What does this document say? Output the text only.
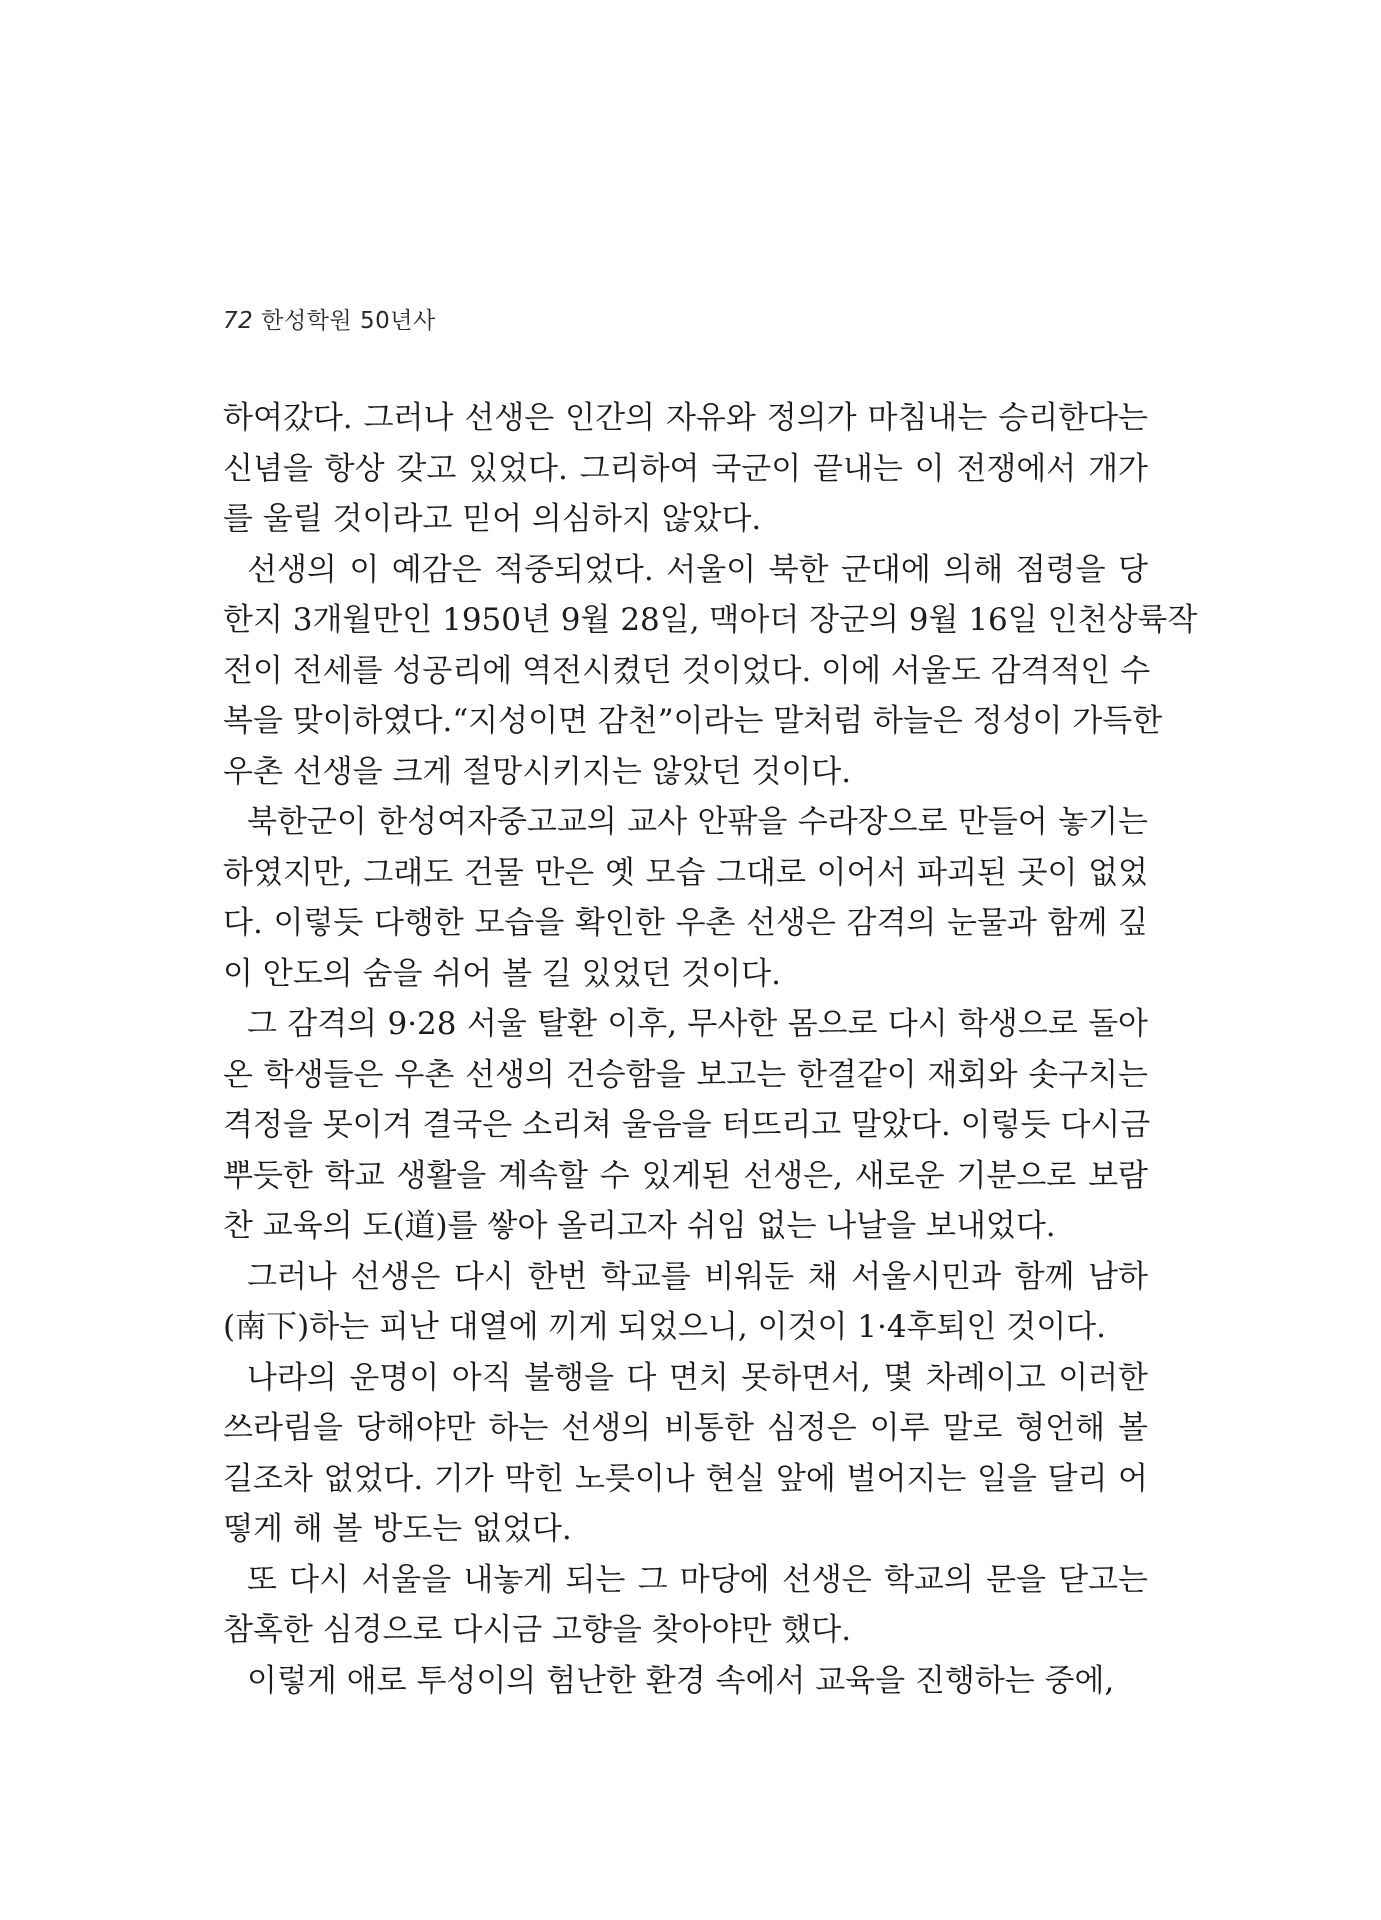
72 한성학원 50년사
하여갔다. 그러나 선생은 인간의 자유와 정의가 마침내는 승리한다는
신념을 항상 갖고 있었다. 그리하여 국군이 끝내는 이 전쟁에서 개가
를 울릴 것이라고 믿어 의심하지 않았다.
선생의 이 예감은 적중되었다. 서울이 북한 군대에 의해 점령을 당
한지 3개월만인 1950년 9월 28일, 맥아더 장군의 9월 16일 인천상륙작
전이 전세를 성공리에 역전시켰던 것이었다. 이에 서울도 감격적인 수
복을 맞이하였다.“지성이면 감천”이라는 말처럼 하늘은 정성이 가득한
우촌 선생을 크게 절망시키지는 않았던 것이다.
북한군이 한성여자중고교의 교사 안팎을 수라장으로 만들어 놓기는
하였지만, 그래도 건물 만은 옛 모습 그대로 이어서 파괴된 곳이 없었
다. 이렇듯 다행한 모습을 확인한 우촌 선생은 감격의 눈물과 함께 깊
이 안도의 숨을 쉬어 볼 길 있었던 것이다.
그 감격의 9·28 서울 탈환 이후, 무사한 몸으로 다시 학생으로 돌아
온 학생들은 우촌 선생의 건승함을 보고는 한결같이 재회와 솟구치는
격정을 못이겨 결국은 소리쳐 울음을 터뜨리고 말았다. 이렇듯 다시금
뿌듯한 학교 생활을 계속할 수 있게된 선생은, 새로운 기분으로 보람
찬 교육의 도(道)를 쌓아 올리고자 쉬임 없는 나날을 보내었다.
그러나 선생은 다시 한번 학교를 비워둔 채 서울시민과 함께 남하
(南下)하는 피난 대열에 끼게 되었으니, 이것이 1·4후퇴인 것이다.
나라의 운명이 아직 불행을 다 면치 못하면서, 몇 차례이고 이러한
쓰라림을 당해야만 하는 선생의 비통한 심정은 이루 말로 형언해 볼
길조차 없었다. 기가 막힌 노릇이나 현실 앞에 벌어지는 일을 달리 어
떻게 해 볼 방도는 없었다.
또 다시 서울을 내놓게 되는 그 마당에 선생은 학교의 문을 닫고는
참혹한 심경으로 다시금 고향을 찾아야만 했다.
이렇게 애로 투성이의 험난한 환경 속에서 교육을 진행하는 중에,
